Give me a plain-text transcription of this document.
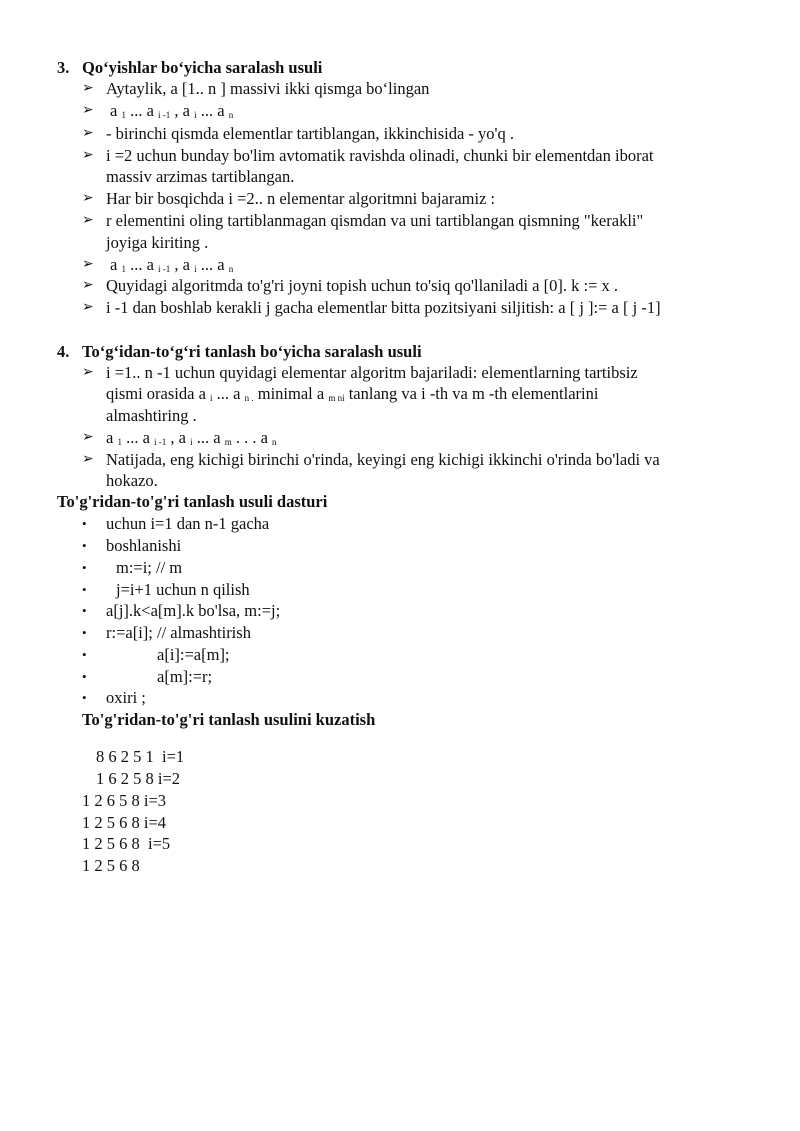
3. Qo‘yishlar bo‘yicha saralash usuli
➢ Aytaylik, a [1.. n ] massivi ikki qismga bo‘lingan
➢ a $_1$ ... a $_{i -1}$ , a $_i$ ... a $_n$
➢ - birinchi qismda elementlar tartiblangan, ikkinchisida - yo'q .
➢ i =2 uchun bunday bo'lim avtomatik ravishda olinadi, chunki bir elementdan iborat
massiv arzimas tartiblangan.
➢ Har bir bosqichda i =2.. n elementar algoritmni bajaramiz :
➢ r elementini oling tartiblanmagan qismdan va uni tartiblangan qismning "kerakli"
joyiga kiriting .
➢ a $_1$ ... a $_{i -1}$ , a $_i$ ... a $_n$
➢ Quyidagi algoritmda to'g'ri joyni topish uchun to'siq qo'llaniladi a [0]. k := x .
➢ i -1 dan boshlab kerakli j gacha elementlar bitta pozitsiyani siljitish: a [ j ]:= a [ j -1]
4. To‘g‘idan-to‘g‘ri tanlash bo‘yicha saralash usuli
➢ i =1.. n -1 uchun quyidagi elementar algoritm bajariladi: elementlarning tartibsiz
qismi orasida a $_i$ ... a $_{n .}$ minimal a $_{m ni}$ tanlang va i -th va m -th elementlarini
almashtiring .
➢ a $_1$ ... a $_{i -1}$ , a $_i$ ... a $_m$ . . . a $_n$
➢ Natijada, eng kichigi birinchi o'rinda, keyingi eng kichigi ikkinchi o'rinda bo'ladi va
hokazo.
To'g'ridan-to'g'ri tanlash usuli dasturi
• uchun i=1 dan n-1 gacha
• boshlanishi
• m:=i; // m
• j=i+1 uchun n qilish
• a[j].k<a[m].k bo'lsa, m:=j;
• r:=a[i]; // almashtirish
•	a[i]:=a[m];
•	a[m]:=r;
• oxiri ;
To'g'ridan-to'g'ri tanlash usulini kuzatish
8 6 2 5 1  i=1
1 6 2 5 8 i=2
1 2 6 5 8 i=3
1 2 5 6 8 i=4
1 2 5 6 8  i=5
1 2 5 6 8
